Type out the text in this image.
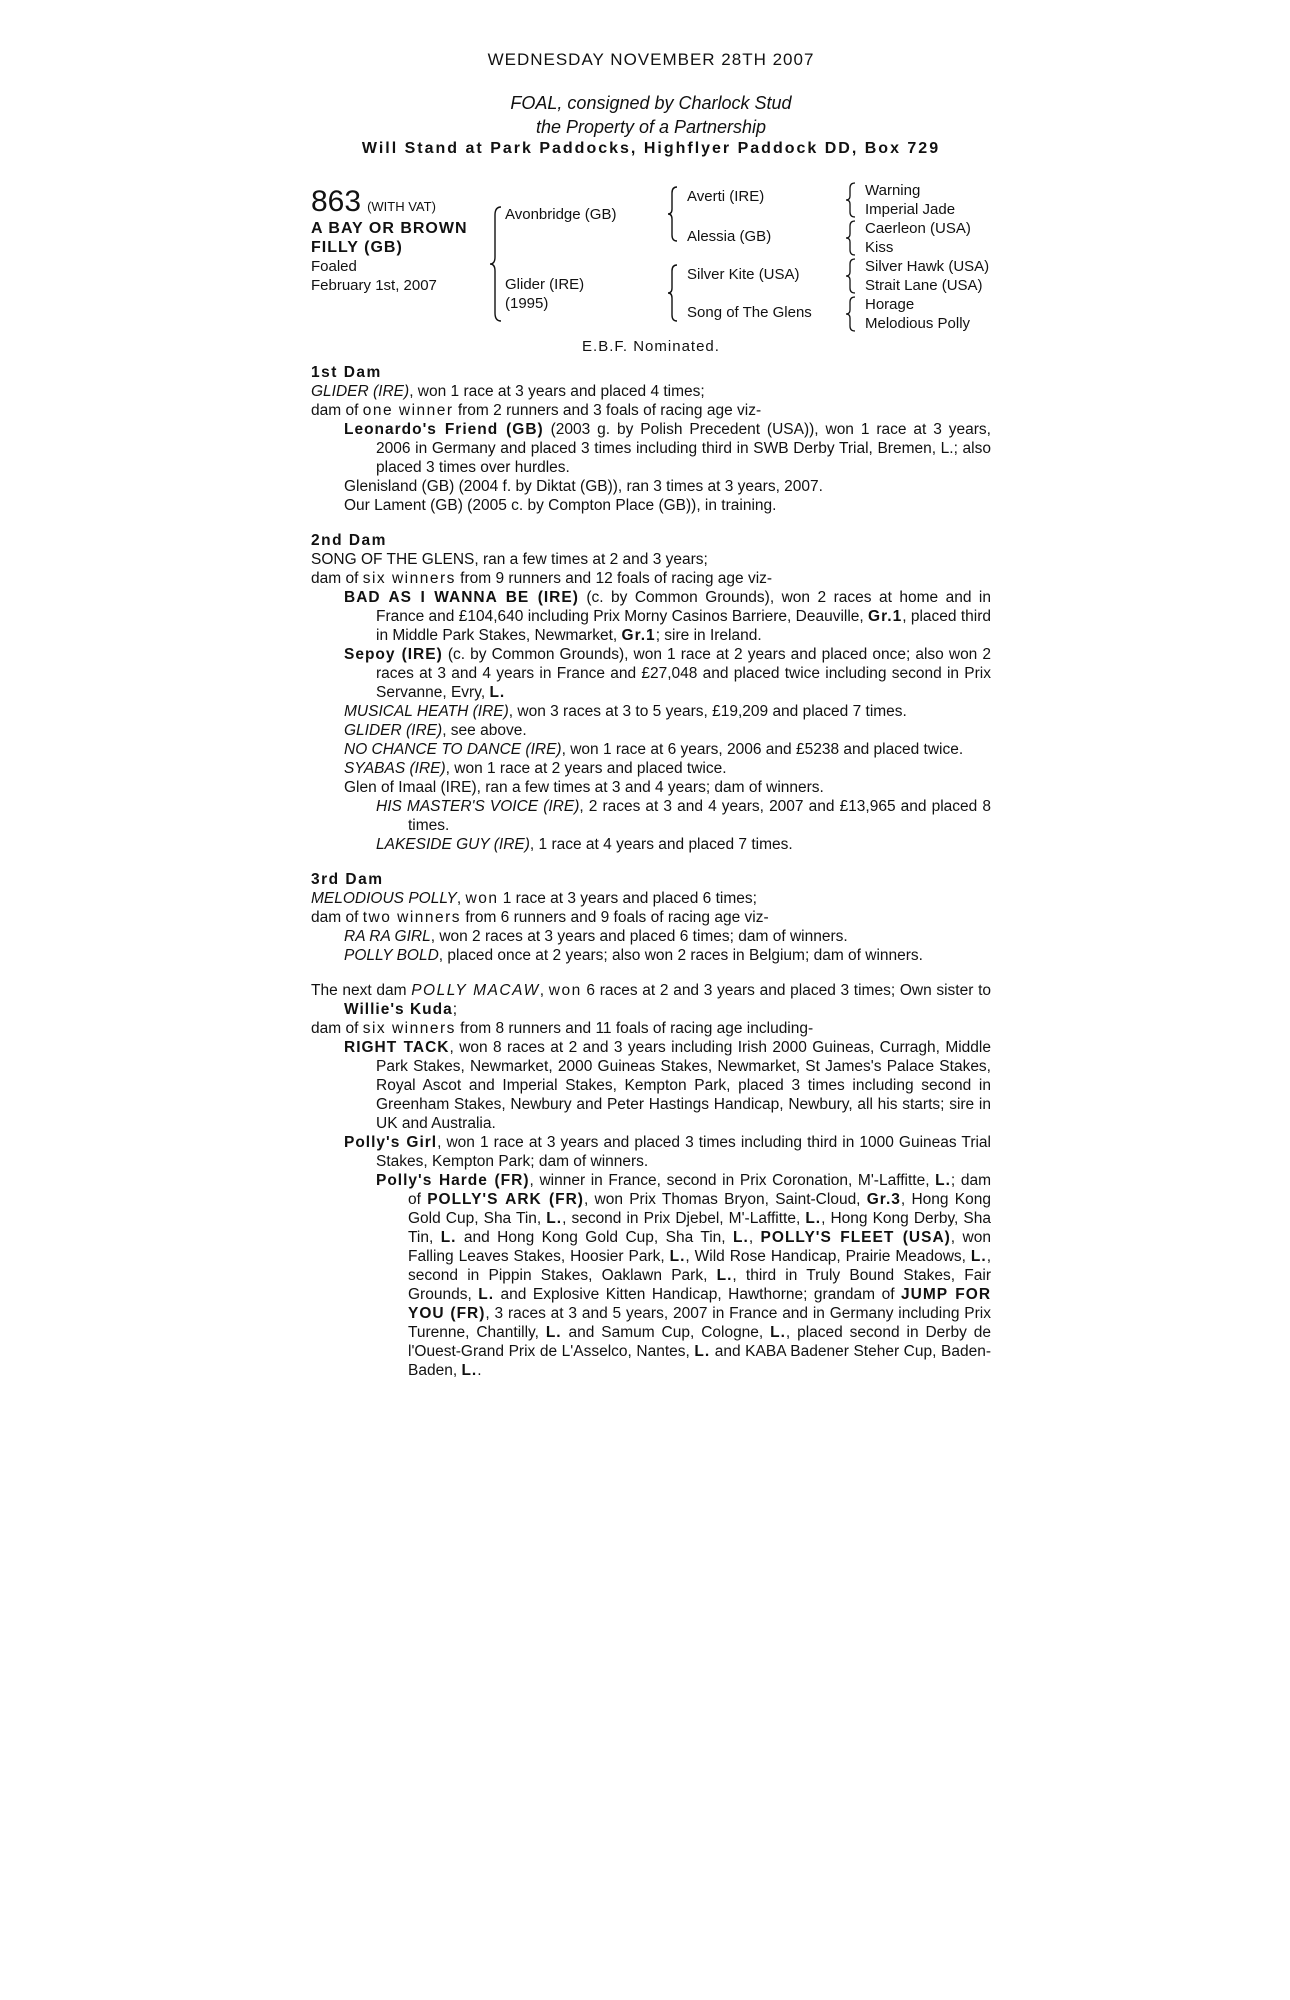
WEDNESDAY NOVEMBER 28TH 2007
FOAL, consigned by Charlock Stud
the Property of a Partnership
Will Stand at Park Paddocks, Highflyer Paddock DD, Box 729
863 (WITH VAT)
A BAY OR BROWN
FILLY (GB)
Foaled
February 1st, 2007
Avonbridge (GB)
Glider (IRE)
(1995)
Averti (IRE)
Alessia (GB)
Silver Kite (USA)
Song of The Glens
Warning
Imperial Jade
Caerleon (USA)
Kiss
Silver Hawk (USA)
Strait Lane (USA)
Horage
Melodious Polly
E.B.F. Nominated.
1st Dam

GLIDER (IRE), won 1 race at 3 years and placed 4 times;

dam of one winner from 2 runners and 3 foals of racing age viz-

Leonardo's Friend (GB) (2003 g. by Polish Precedent (USA)), won 1 race at 3 years, 2006 in Germany and placed 3 times including third in SWB Derby Trial, Bremen, L.; also placed 3 times over hurdles.

Glenisland (GB) (2004 f. by Diktat (GB)), ran 3 times at 3 years, 2007.

Our Lament (GB) (2005 c. by Compton Place (GB)), in training.

2nd Dam

SONG OF THE GLENS, ran a few times at 2 and 3 years;

dam of six winners from 9 runners and 12 foals of racing age viz-

BAD AS I WANNA BE (IRE) (c. by Common Grounds), won 2 races at home and in France and £104,640 including Prix Morny Casinos Barriere, Deauville, Gr.1, placed third in Middle Park Stakes, Newmarket, Gr.1; sire in Ireland.

Sepoy (IRE) (c. by Common Grounds), won 1 race at 2 years and placed once; also won 2 races at 3 and 4 years in France and £27,048 and placed twice including second in Prix Servanne, Evry, L.

MUSICAL HEATH (IRE), won 3 races at 3 to 5 years, £19,209 and placed 7 times.

GLIDER (IRE), see above.

NO CHANCE TO DANCE (IRE), won 1 race at 6 years, 2006 and £5238 and placed twice.

SYABAS (IRE), won 1 race at 2 years and placed twice.

Glen of Imaal (IRE), ran a few times at 3 and 4 years; dam of winners.

HIS MASTER'S VOICE (IRE), 2 races at 3 and 4 years, 2007 and £13,965 and placed 8 times.

LAKESIDE GUY (IRE), 1 race at 4 years and placed 7 times.

3rd Dam

MELODIOUS POLLY, won 1 race at 3 years and placed 6 times;

dam of two winners from 6 runners and 9 foals of racing age viz-

RA RA GIRL, won 2 races at 3 years and placed 6 times; dam of winners.

POLLY BOLD, placed once at 2 years; also won 2 races in Belgium; dam of winners.

The next dam POLLY MACAW, won 6 races at 2 and 3 years and placed 3 times; Own sister to Willie's Kuda;

dam of six winners from 8 runners and 11 foals of racing age including-

RIGHT TACK, won 8 races at 2 and 3 years including Irish 2000 Guineas, Curragh, Middle Park Stakes, Newmarket, 2000 Guineas Stakes, Newmarket, St James's Palace Stakes, Royal Ascot and Imperial Stakes, Kempton Park, placed 3 times including second in Greenham Stakes, Newbury and Peter Hastings Handicap, Newbury, all his starts; sire in UK and Australia.

Polly's Girl, won 1 race at 3 years and placed 3 times including third in 1000 Guineas Trial Stakes, Kempton Park; dam of winners.

Polly's Harde (FR), winner in France, second in Prix Coronation, M'-Laffitte, L.; dam of POLLY'S ARK (FR), won Prix Thomas Bryon, Saint-Cloud, Gr.3, Hong Kong Gold Cup, Sha Tin, L., second in Prix Djebel, M'-Laffitte, L., Hong Kong Derby, Sha Tin, L. and Hong Kong Gold Cup, Sha Tin, L., POLLY'S FLEET (USA), won Falling Leaves Stakes, Hoosier Park, L., Wild Rose Handicap, Prairie Meadows, L., second in Pippin Stakes, Oaklawn Park, L., third in Truly Bound Stakes, Fair Grounds, L. and Explosive Kitten Handicap, Hawthorne; grandam of JUMP FOR YOU (FR), 3 races at 3 and 5 years, 2007 in France and in Germany including Prix Turenne, Chantilly, L. and Samum Cup, Cologne, L., placed second in Derby de l'Ouest-Grand Prix de L'Asselco, Nantes, L. and KABA Badener Steher Cup, Baden-Baden, L..
